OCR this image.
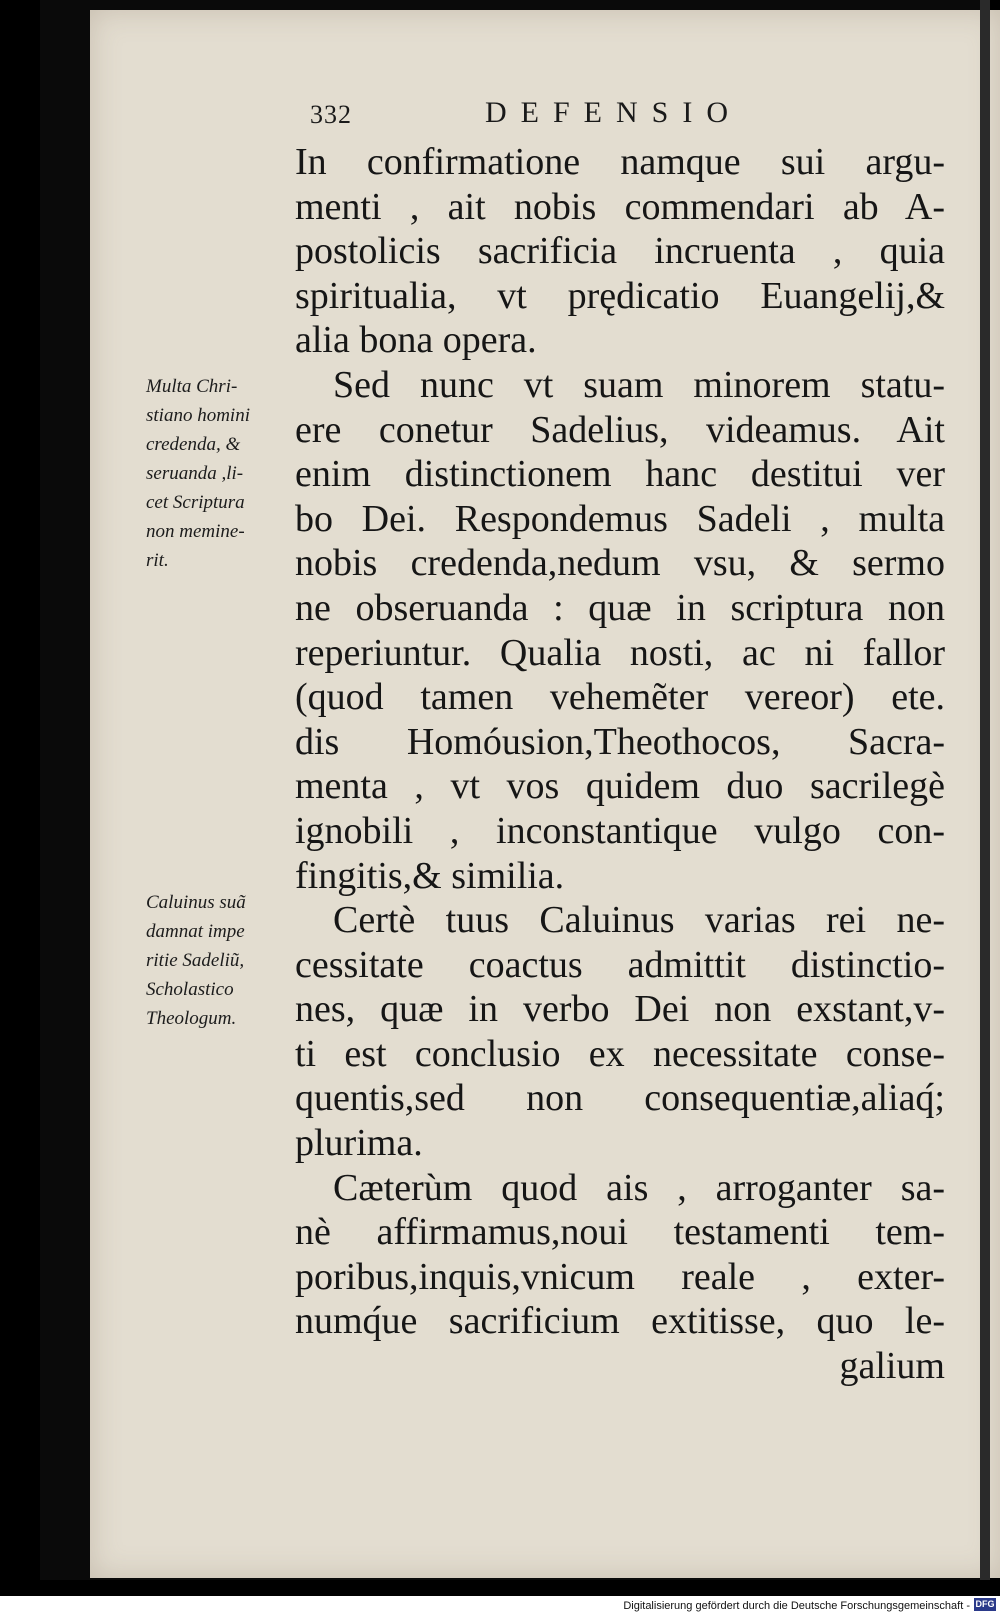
332	DEFENSIO
In confirmatione namque sui argu-
menti , ait nobis commendari ab A-
postolicis sacrificia incruenta , quia
spiritualia, vt prędicatio Euangelij,&
alia bona opera.
Sed nunc vt suam minorem statu-
ere conetur Sadelius, videamus. Ait
enim distinctionem hanc destitui ver
bo Dei. Respondemus Sadeli , multa
nobis credenda,nedum vsu, & sermo
ne obseruanda : quæ in scriptura non
reperiuntur. Qualia nosti, ac ni fallor
(quod tamen vehemẽter vereor) ete.
dis Homóusion,Theothocos, Sacra-
menta , vt vos quidem duo sacrilegè
ignobili , inconstantique vulgo con-
fingitis,& similia.
Certè tuus Caluinus varias rei ne-
cessitate coactus admittit distinctio-
nes, quæ in verbo Dei non exstant,v-
ti est conclusio ex necessitate conse-
quentis,sed non consequentiæ,aliaq́;
plurima.
Cæterùm quod ais , arroganter sa-
nè affirmamus,noui testamenti tem-
poribus,inquis,vnicum reale , exter-
numq́ue sacrificium extitisse, quo le-
galium
Multa Chri-
stiano homini
credenda, &
seruanda ,li-
cet Scriptura
non memine-
rit.
Caluinus suã
damnat impe
ritie Sadeliũ,
Scholastico
Theologum.
Digitalisierung gefördert durch die Deutsche Forschungsgemeinschaft - DFG
